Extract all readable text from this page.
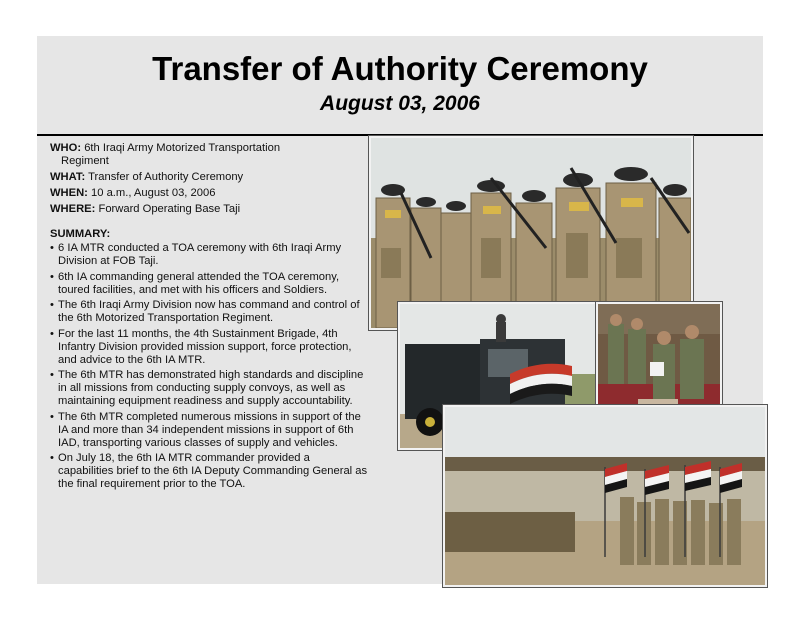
Transfer of Authority Ceremony
August 03, 2006
WHO: 6th Iraqi Army Motorized Transportation
Regiment
WHAT: Transfer of Authority Ceremony
WHEN: 10 a.m., August 03, 2006
WHERE: Forward Operating Base Taji
SUMMARY:
• 6 IA MTR conducted a TOA ceremony with 6th Iraqi Army Division at FOB Taji.
• 6th IA commanding general attended the TOA ceremony, toured facilities, and met with his officers and Soldiers.
• The 6th Iraqi Army Division now has command and control of the 6th Motorized Transportation Regiment.
• For the last 11 months, the 4th Sustainment Brigade, 4th Infantry Division provided mission support, force protection, and advice to the 6th IA MTR.
• The 6th MTR has demonstrated high standards and discipline in all missions from conducting supply convoys, as well as maintaining equipment readiness and supply accountability.
• The 6th MTR completed numerous missions in support of the IA and more than 34 independent missions in support of 6th IAD, transporting various classes of supply and vehicles.
• On July 18, the 6th IA MTR commander provided a capabilities brief to the 6th IA Deputy Commanding General as the final requirement prior to the TOA.
